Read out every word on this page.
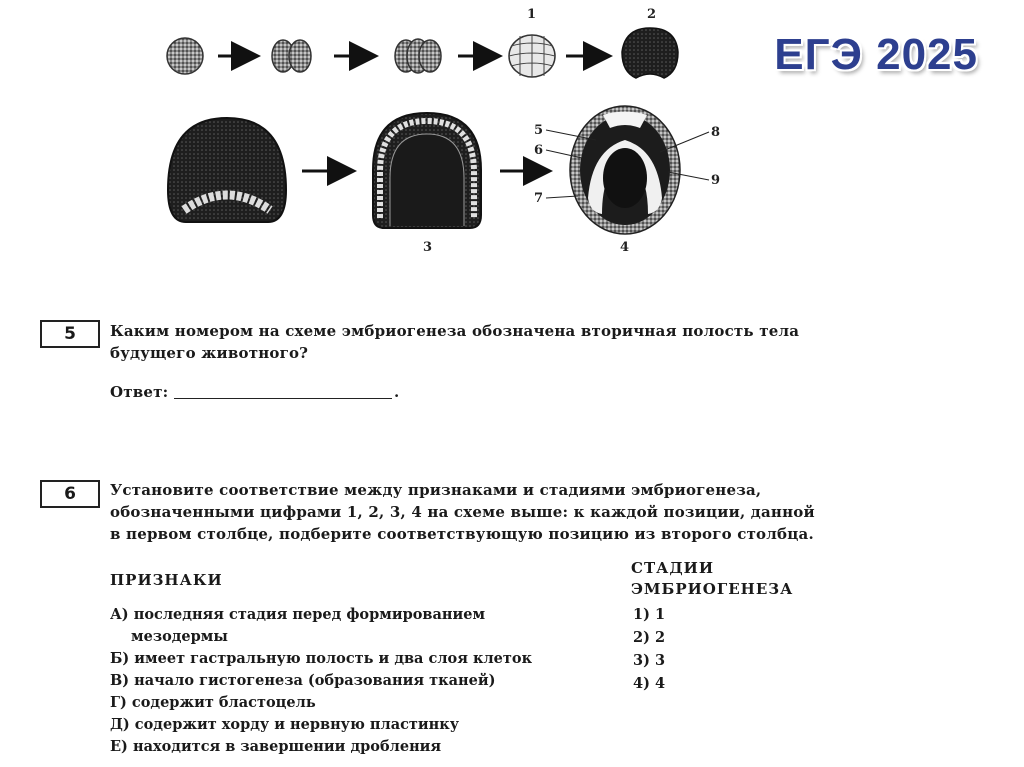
1	2
3	4
5
6
7
8
9
ЕГЭ 2025
5	Каким номером на схеме эмбриогенеза обозначена вторичная полость тела
будущего животного?
Ответ:	.
6	Установите соответствие между признаками и стадиями эмбриогенеза,
обозначенными цифрами 1, 2, 3, 4 на схеме выше: к каждой позиции, данной
в первом столбце, подберите соответствующую позицию из второго столбца.
ПРИЗНАКИ
СТАДИИ
ЭМБРИОГЕНЕЗА
А) последняя стадия перед формированием
мезодермы
Б) имеет гастральную полость и два слоя клеток
В) начало гистогенеза (образования тканей)
Г) содержит бластоцель
Д) содержит хорду и нервную пластинку
Е) находится в завершении дробления
1) 1
2) 2
3) 3
4) 4
